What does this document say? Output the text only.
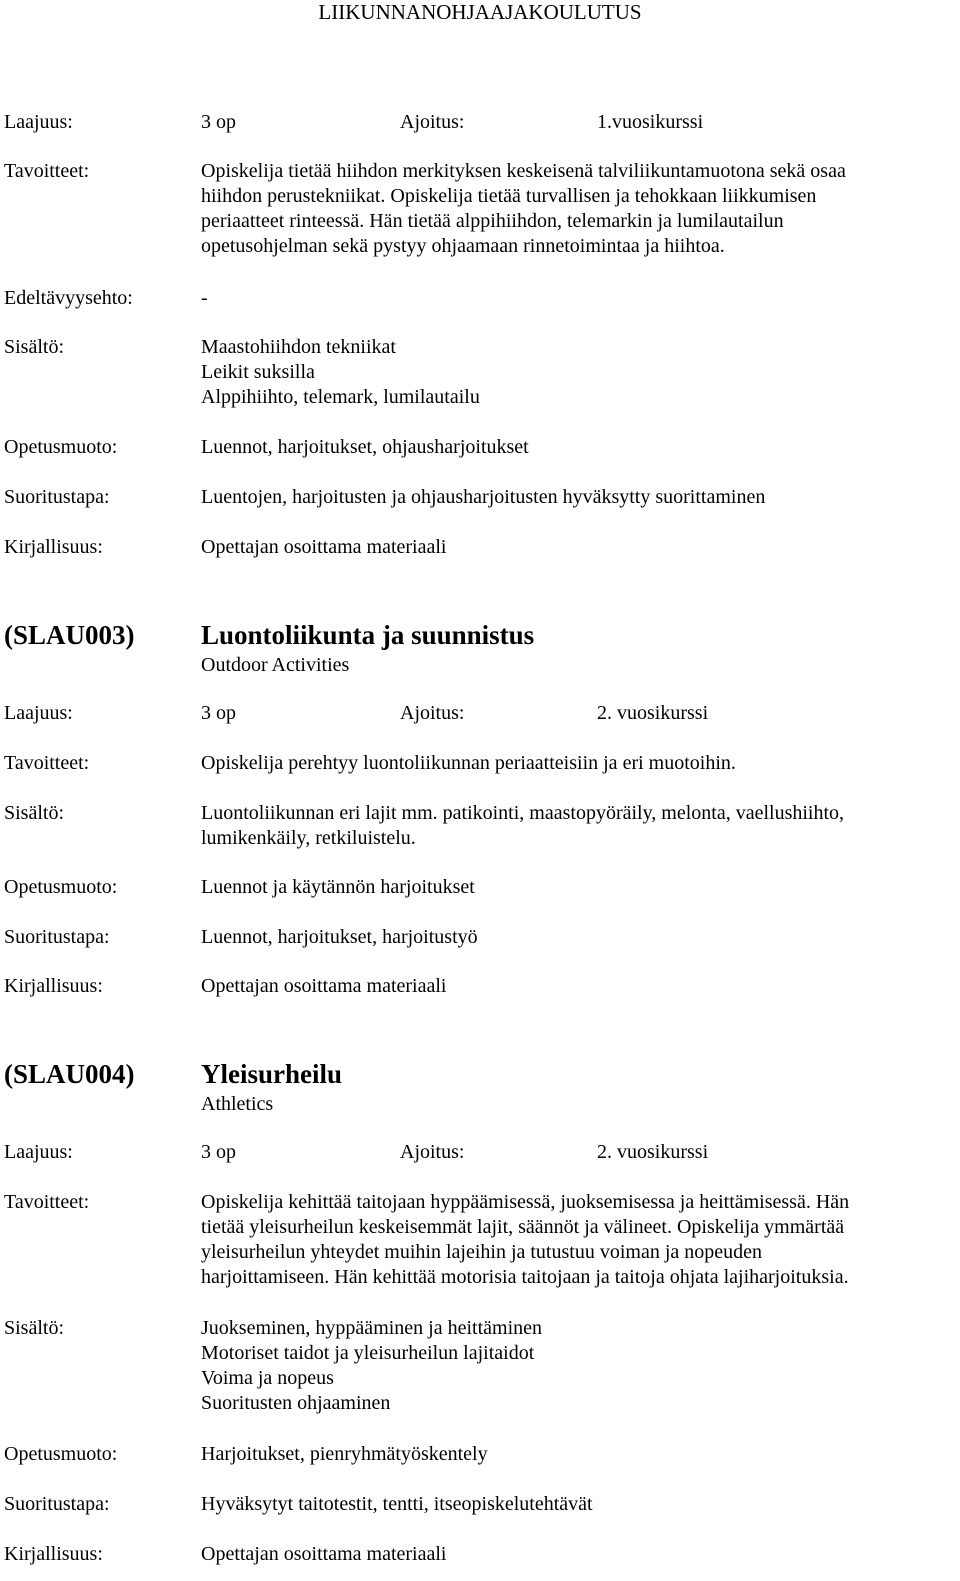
LIIKUNNANOHJAAJAKOULUTUS
Laajuus:	3 op	Ajoitus:	1.vuosikurssi
Tavoitteet:	Opiskelija tietää hiihdon merkityksen keskeisenä talviliikuntamuotona sekä osaa
hiihdon perustekniikat. Opiskelija tietää turvallisen ja tehokkaan liikkumisen
periaatteet rinteessä. Hän tietää alppihiihdon, telemarkin ja lumilautailun
opetusohjelman sekä pystyy ohjaamaan rinnetoimintaa ja hiihtoa.
Edeltävyysehto:	-
Sisältö:	Maastohiihdon tekniikat
Leikit suksilla
Alppihiihto, telemark, lumilautailu
Opetusmuoto:	Luennot, harjoitukset, ohjausharjoitukset
Suoritustapa:	Luentojen, harjoitusten ja ohjausharjoitusten hyväksytty suorittaminen
Kirjallisuus:	Opettajan osoittama materiaali
(SLAU003) Luontoliikunta ja suunnistus
Outdoor Activities
Laajuus:	3 op	Ajoitus:	2. vuosikurssi
Tavoitteet:	Opiskelija perehtyy luontoliikunnan periaatteisiin ja eri muotoihin.
Sisältö:	Luontoliikunnan eri lajit mm. patikointi, maastopyöräily, melonta, vaellushiihto,
lumikenkäily, retkiluistelu.
Opetusmuoto:	Luennot ja käytännön harjoitukset
Suoritustapa:	Luennot, harjoitukset, harjoitustyö
Kirjallisuus:	Opettajan osoittama materiaali
(SLAU004) Yleisurheilu
Athletics
Laajuus:	3 op	Ajoitus:	2. vuosikurssi
Tavoitteet:	Opiskelija kehittää taitojaan hyppäämisessä, juoksemisessa ja heittämisessä. Hän
tietää yleisurheilun keskeisemmät lajit, säännöt ja välineet. Opiskelija ymmärtää
yleisurheilun yhteydet muihin lajeihin ja tutustuu voiman ja nopeuden
harjoittamiseen. Hän kehittää motorisia taitojaan ja taitoja ohjata lajiharjoituksia.
Sisältö:	Juokseminen, hyppääminen ja heittäminen
Motoriset taidot ja yleisurheilun lajitaidot
Voima ja nopeus
Suoritusten ohjaaminen
Opetusmuoto:	Harjoitukset, pienryhmätyöskentely
Suoritustapa:	Hyväksytyt taitotestit, tentti, itseopiskelutehtävät
Kirjallisuus:	Opettajan osoittama materiaali
